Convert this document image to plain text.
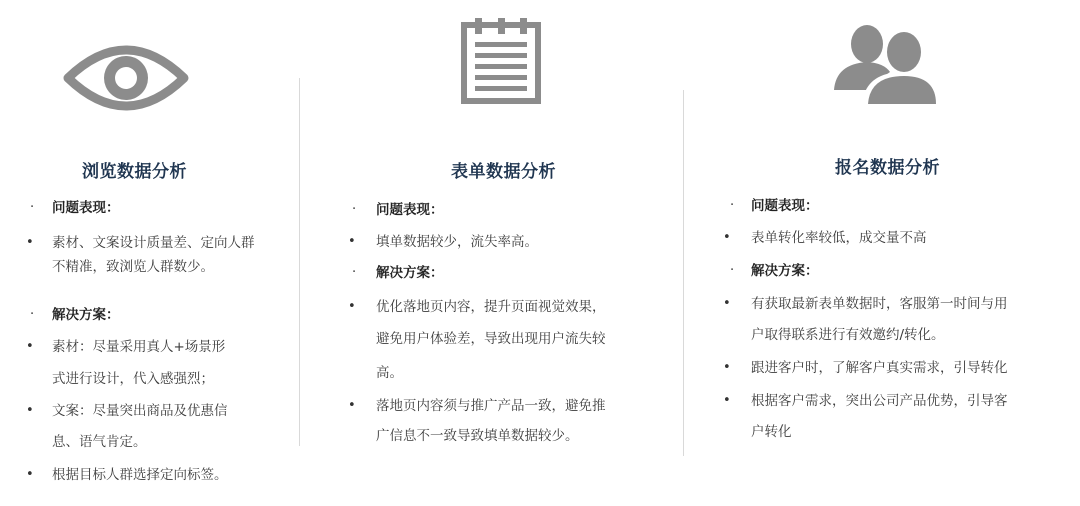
浏览数据分析
· 问题表现：
• 素材、文案设计质量差、定向人群
不精准，致浏览人群数少。
· 解决方案：
• 素材：尽量采用真人+场景形
式进行设计，代入感强烈；
• 文案：尽量突出商品及优惠信
息、语气肯定。
• 根据目标人群选择定向标签。
表单数据分析
· 问题表现：
• 填单数据较少，流失率高。
· 解决方案：
• 优化落地页内容，提升页面视觉效果，
避免用户体验差，导致出现用户流失较
高。
• 落地页内容须与推广产品一致，避免推
广信息不一致导致填单数据较少。
报名数据分析
· 问题表现：
• 表单转化率较低，成交量不高
· 解决方案：
• 有获取最新表单数据时，客服第一时间与用
户取得联系进行有效邀约/转化。
• 跟进客户时，了解客户真实需求，引导转化
• 根据客户需求，突出公司产品优势，引导客
户转化
